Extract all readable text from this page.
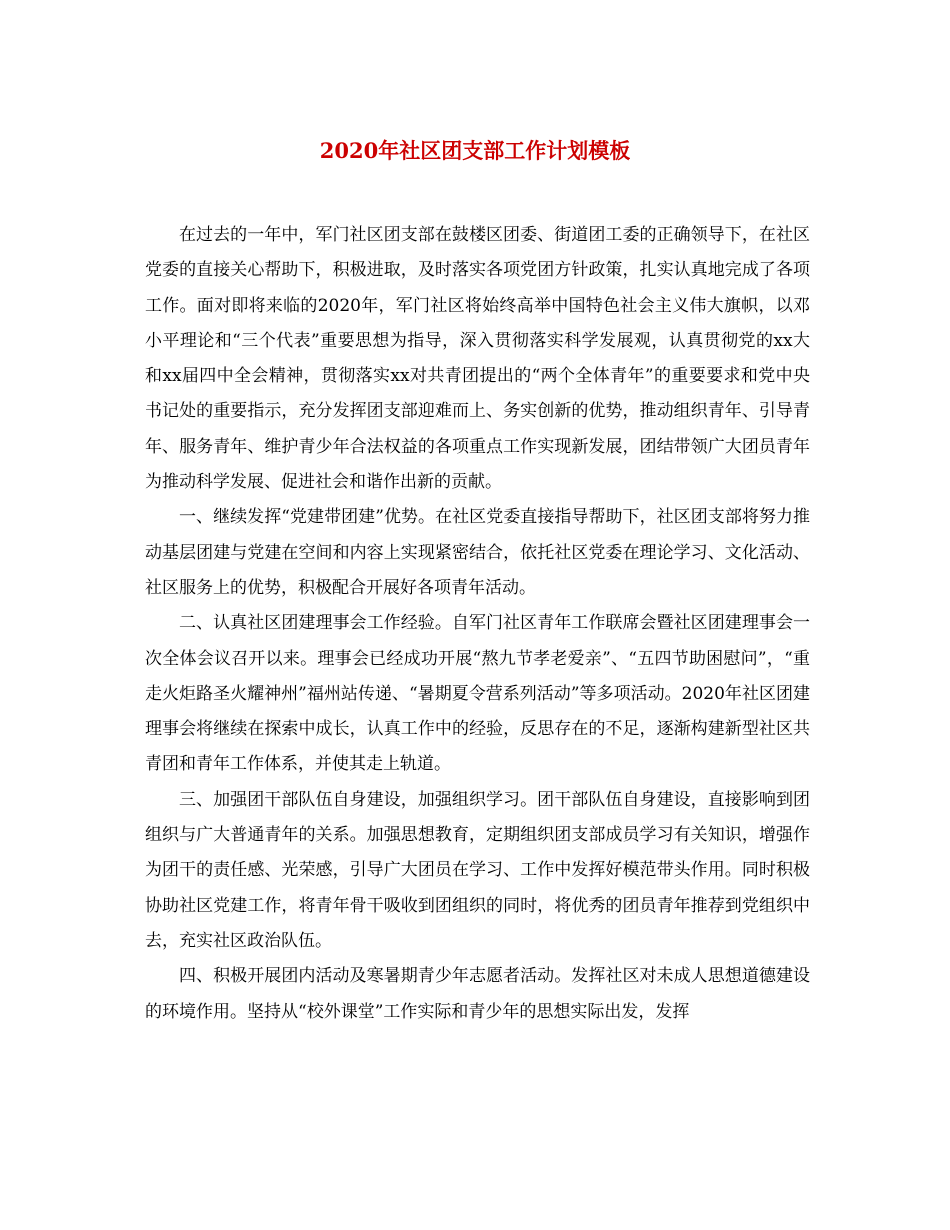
2020年社区团支部工作计划模板

在过去的一年中，军门社区团支部在鼓楼区团委、街道团工委的正确领导下，在社区党委的直接关心帮助下，积极进取，及时落实各项党团方针政策，扎实认真地完成了各项工作。面对即将来临的2020年，军门社区将始终高举中国特色社会主义伟大旗帜，以邓小平理论和“三个代表”重要思想为指导，深入贯彻落实科学发展观，认真贯彻党的xx大和xx届四中全会精神，贯彻落实xx对共青团提出的“两个全体青年”的重要要求和党中央书记处的重要指示，充分发挥团支部迎难而上、务实创新的优势，推动组织青年、引导青年、服务青年、维护青少年合法权益的各项重点工作实现新发展，团结带领广大团员青年为推动科学发展、促进社会和谐作出新的贡献。

一、继续发挥“党建带团建”优势。在社区党委直接指导帮助下，社区团支部将努力推动基层团建与党建在空间和内容上实现紧密结合，依托社区党委在理论学习、文化活动、社区服务上的优势，积极配合开展好各项青年活动。

二、认真社区团建理事会工作经验。自军门社区青年工作联席会暨社区团建理事会一次全体会议召开以来。理事会已经成功开展“熬九节孝老爱亲”、“五四节助困慰问”，“重走火炬路圣火耀神州”福州站传递、“暑期夏令营系列活动”等多项活动。2020年社区团建理事会将继续在探索中成长，认真工作中的经验，反思存在的不足，逐渐构建新型社区共青团和青年工作体系，并使其走上轨道。

三、加强团干部队伍自身建设，加强组织学习。团干部队伍自身建设，直接影响到团组织与广大普通青年的关系。加强思想教育，定期组织团支部成员学习有关知识，增强作为团干的责任感、光荣感，引导广大团员在学习、工作中发挥好模范带头作用。同时积极协助社区党建工作，将青年骨干吸收到团组织的同时，将优秀的团员青年推荐到党组织中去，充实社区政治队伍。

四、积极开展团内活动及寒暑期青少年志愿者活动。发挥社区对未成人思想道德建设的环境作用。坚持从“校外课堂”工作实际和青少年的思想实际出发，发挥
